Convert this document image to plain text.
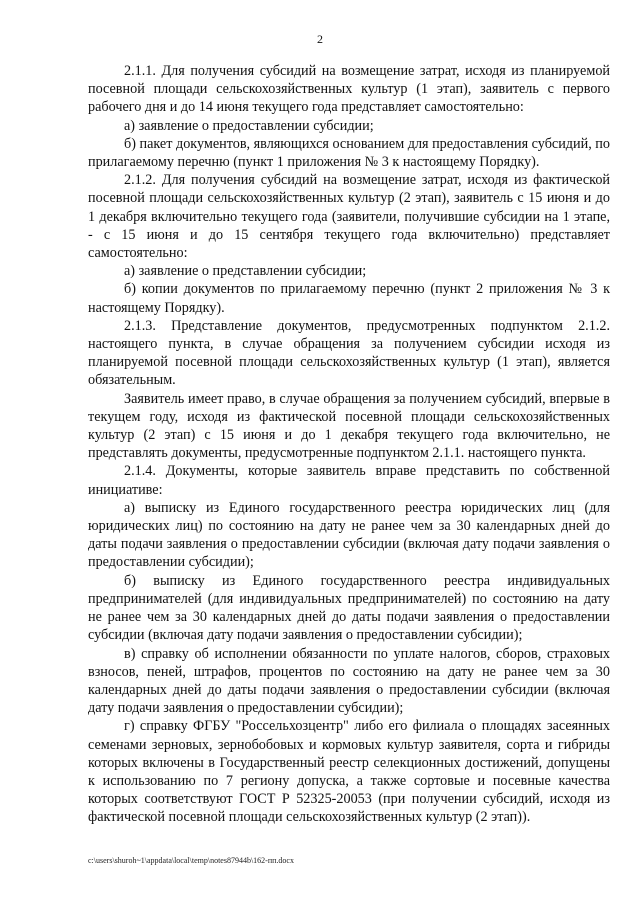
2

2.1.1. Для получения субсидий на возмещение затрат, исходя из планируемой посевной площади сельскохозяйственных культур (1 этап), заявитель с первого рабочего дня и до 14 июня текущего года представляет самостоятельно:

а) заявление о предоставлении субсидии;

б) пакет документов, являющихся основанием для предоставления субсидий, по прилагаемому перечню (пункт 1 приложения № 3 к настоящему Порядку).

2.1.2. Для получения субсидий на возмещение затрат, исходя из фактической посевной площади сельскохозяйственных культур (2 этап), заявитель с 15 июня и до 1 декабря включительно текущего года (заявители, получившие субсидии на 1 этапе, - с 15 июня и до 15 сентября текущего года включительно) представляет самостоятельно:

а) заявление о представлении субсидии;

б) копии документов по прилагаемому перечню (пункт 2 приложения № 3 к настоящему Порядку).

2.1.3. Представление документов, предусмотренных подпунктом 2.1.2. настоящего пункта, в случае обращения за получением субсидии исходя из планируемой посевной площади сельскохозяйственных культур (1 этап), является обязательным.

Заявитель имеет право, в случае обращения за получением субсидий, впервые в текущем году, исходя из фактической посевной площади сельскохозяйственных культур (2 этап) с 15 июня и до 1 декабря текущего года включительно, не представлять документы, предусмотренные подпунктом 2.1.1. настоящего пункта.

2.1.4. Документы, которые заявитель вправе представить по собственной инициативе:

а) выписку из Единого государственного реестра юридических лиц (для юридических лиц) по состоянию на дату не ранее чем за 30 календарных дней до даты подачи заявления о предоставлении субсидии (включая дату подачи заявления о предоставлении субсидии);

б) выписку из Единого государственного реестра индивидуальных предпринимателей (для индивидуальных предпринимателей) по состоянию на дату не ранее чем за 30 календарных дней до даты подачи заявления о предоставлении субсидии (включая дату подачи заявления о предоставлении субсидии);

в) справку об исполнении обязанности по уплате налогов, сборов, страховых взносов, пеней, штрафов, процентов по состоянию на дату не ранее чем за 30 календарных дней до даты подачи заявления о предоставлении субсидии (включая дату подачи заявления о предоставлении субсидии);

г) справку ФГБУ "Россельхозцентр" либо его филиала о площадях засеянных семенами зерновых, зернобобовых и кормовых культур заявителя, сорта и гибриды которых включены в Государственный реестр селекционных достижений, допущены к использованию по 7 региону допуска, а также сортовые и посевные качества которых соответствуют ГОСТ Р 52325-20053 (при получении субсидий, исходя из фактической посевной площади сельскохозяйственных культур (2 этап)).

c:\users\shuroh~1\appdata\local\temp\notes87944b\162-пп.docx
